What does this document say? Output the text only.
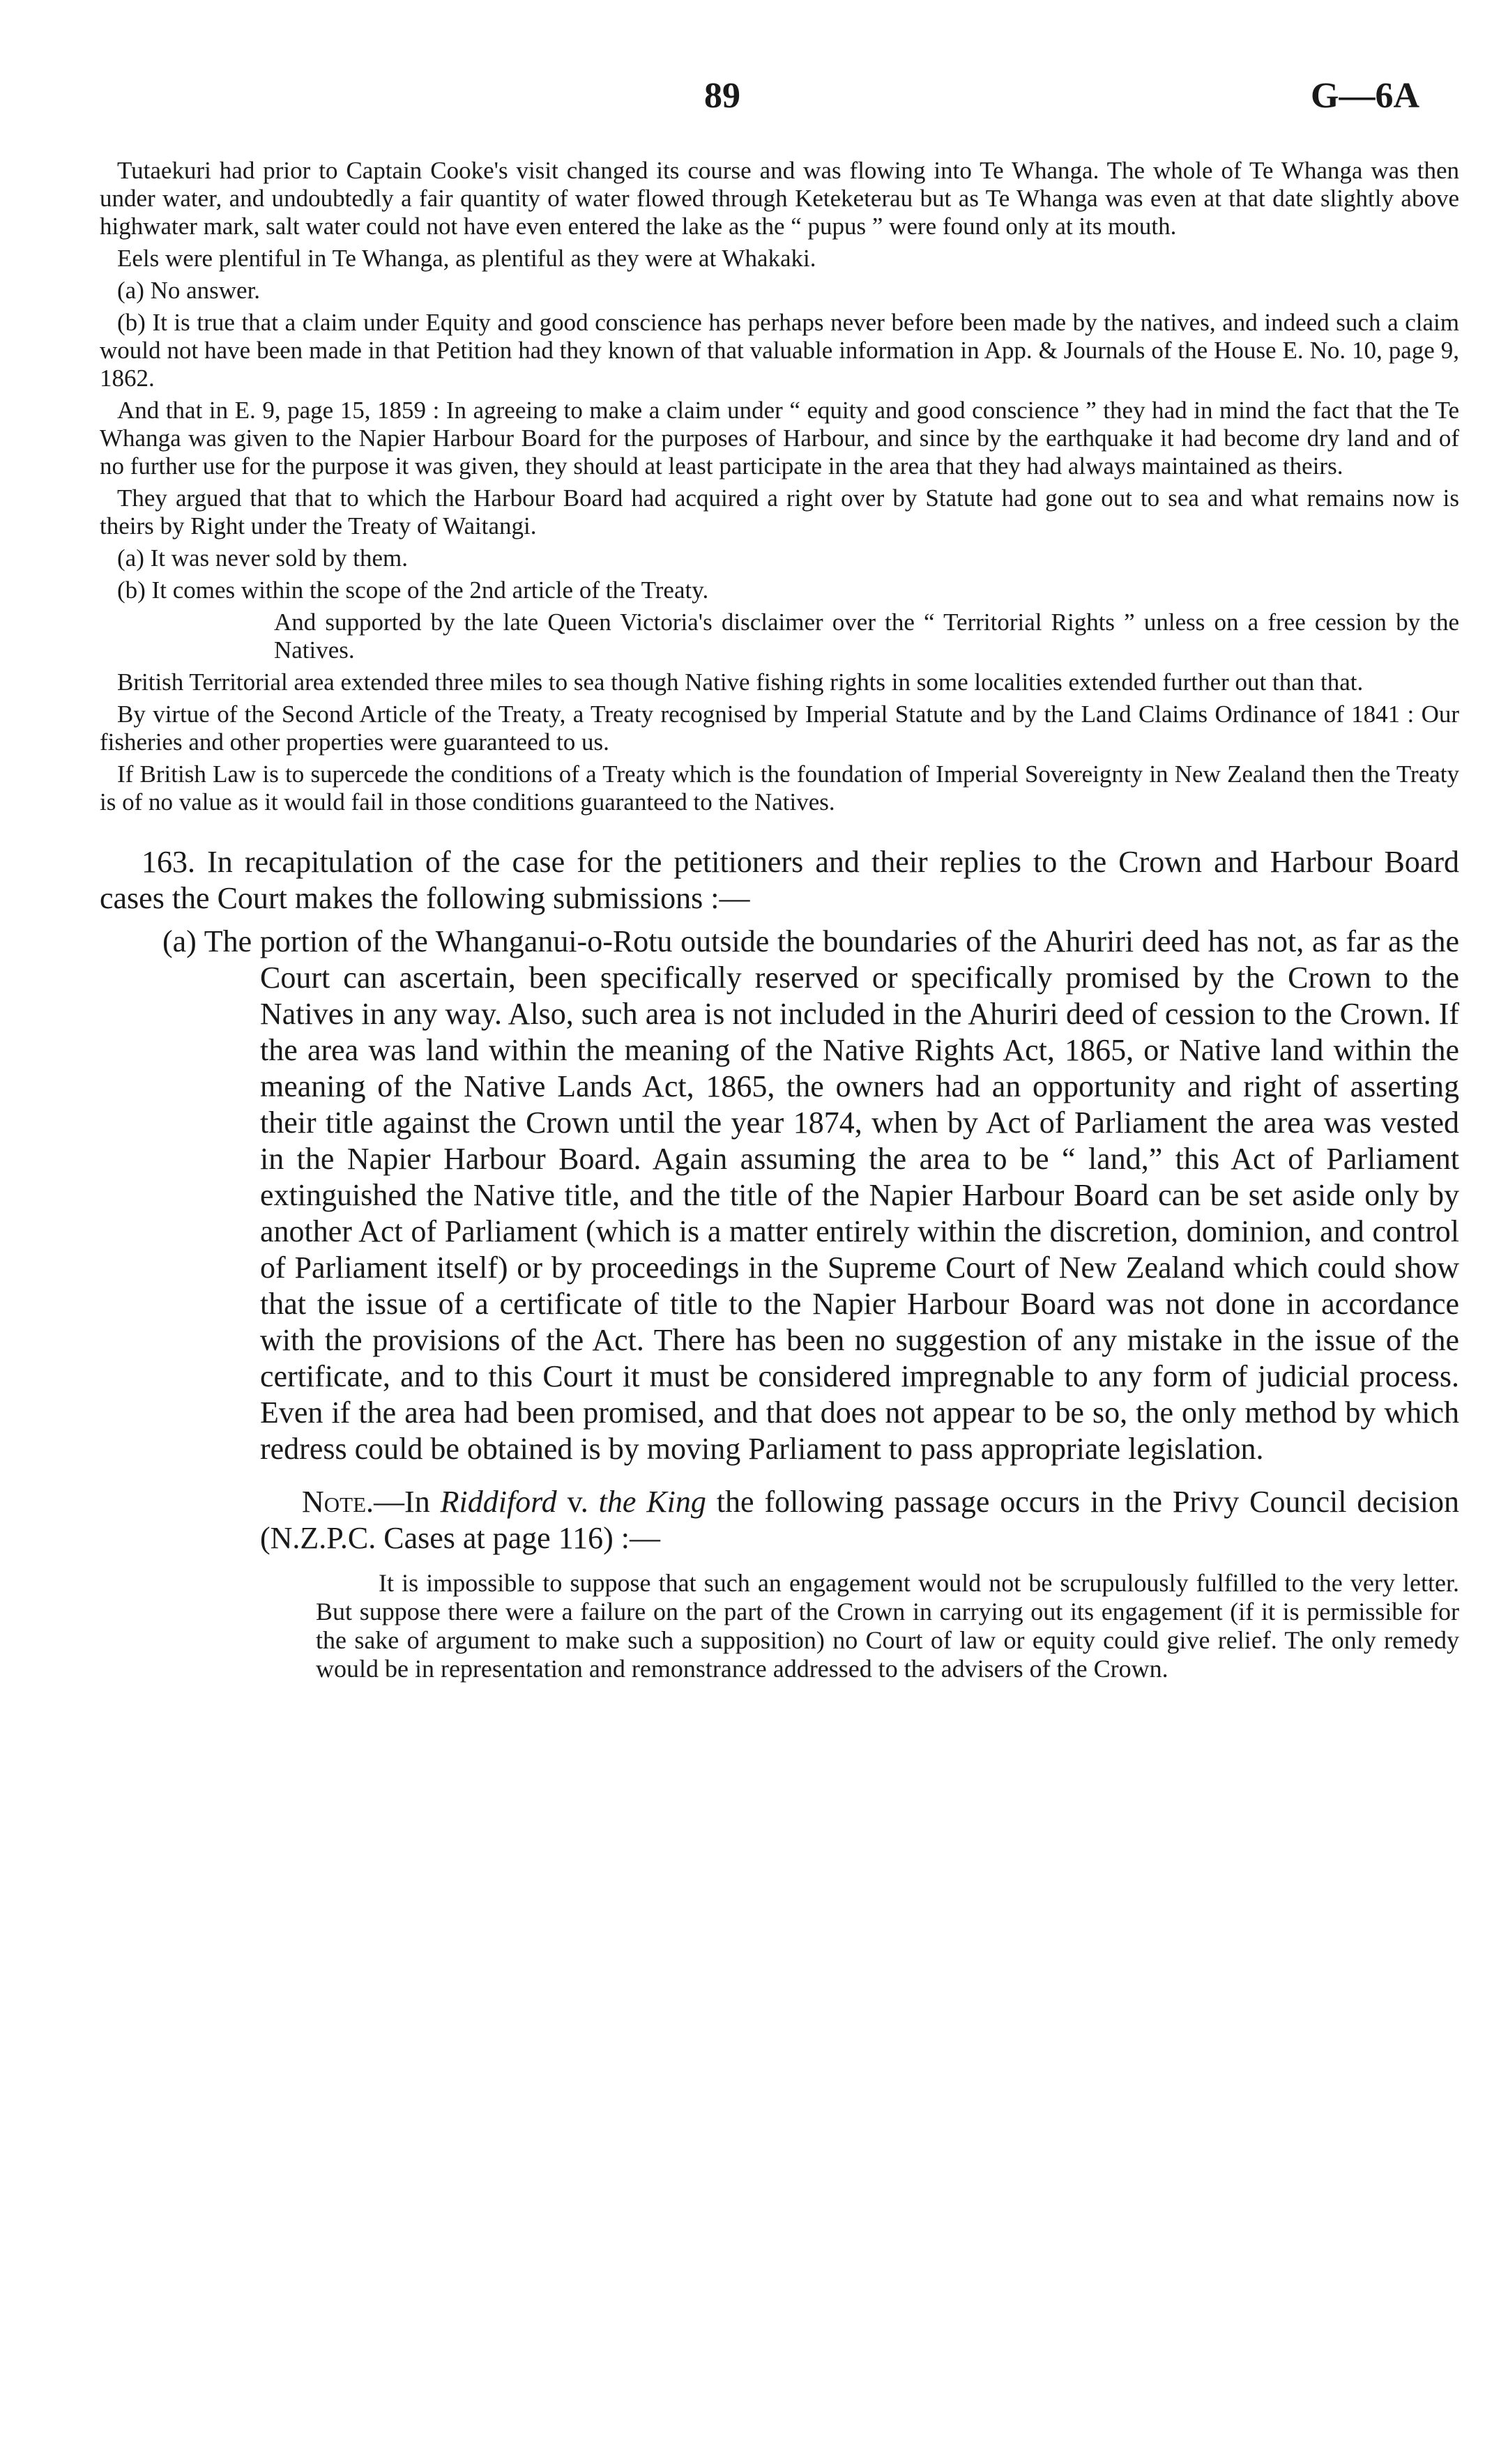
89	G—6A

Tutaekuri had prior to Captain Cooke's visit changed its course and was flowing into Te Whanga. The whole of Te Whanga was then under water, and undoubtedly a fair quantity of water flowed through Keteketerau but as Te Whanga was even at that date slightly above highwater mark, salt water could not have even entered the lake as the “ pupus ” were found only at its mouth.

Eels were plentiful in Te Whanga, as plentiful as they were at Whakaki.

(a) No answer.

(b) It is true that a claim under Equity and good conscience has perhaps never before been made by the natives, and indeed such a claim would not have been made in that Petition had they known of that valuable information in App. & Journals of the House E. No. 10, page 9, 1862.

And that in E. 9, page 15, 1859 : In agreeing to make a claim under “ equity and good conscience ” they had in mind the fact that the Te Whanga was given to the Napier Harbour Board for the purposes of Harbour, and since by the earthquake it had become dry land and of no further use for the purpose it was given, they should at least participate in the area that they had always maintained as theirs.

They argued that that to which the Harbour Board had acquired a right over by Statute had gone out to sea and what remains now is theirs by Right under the Treaty of Waitangi.

(a) It was never sold by them.

(b) It comes within the scope of the 2nd article of the Treaty.

And supported by the late Queen Victoria's disclaimer over the “ Territorial Rights ” unless on a free cession by the Natives.

British Territorial area extended three miles to sea though Native fishing rights in some localities extended further out than that.

By virtue of the Second Article of the Treaty, a Treaty recognised by Imperial Statute and by the Land Claims Ordinance of 1841 : Our fisheries and other properties were guaranteed to us.

If British Law is to supercede the conditions of a Treaty which is the foundation of Imperial Sovereignty in New Zealand then the Treaty is of no value as it would fail in those conditions guaranteed to the Natives.

163. In recapitulation of the case for the petitioners and their replies to the Crown and Harbour Board cases the Court makes the following submissions :—

(a) The portion of the Whanganui-o-Rotu outside the boundaries of the Ahuriri deed has not, as far as the Court can ascertain, been specifically reserved or specifically promised by the Crown to the Natives in any way. Also, such area is not included in the Ahuriri deed of cession to the Crown. If the area was land within the meaning of the Native Rights Act, 1865, or Native land within the meaning of the Native Lands Act, 1865, the owners had an opportunity and right of asserting their title against the Crown until the year 1874, when by Act of Parliament the area was vested in the Napier Harbour Board. Again assuming the area to be “ land,” this Act of Parliament extinguished the Native title, and the title of the Napier Harbour Board can be set aside only by another Act of Parliament (which is a matter entirely within the discretion, dominion, and control of Parliament itself) or by proceedings in the Supreme Court of New Zealand which could show that the issue of a certificate of title to the Napier Harbour Board was not done in accordance with the provisions of the Act. There has been no suggestion of any mistake in the issue of the certificate, and to this Court it must be considered impregnable to any form of judicial process. Even if the area had been promised, and that does not appear to be so, the only method by which redress could be obtained is by moving Parliament to pass appropriate legislation.

Note.—In Riddiford v. the King the following passage occurs in the Privy Council decision (N.Z.P.C. Cases at page 116) :—

It is impossible to suppose that such an engagement would not be scrupulously fulfilled to the very letter. But suppose there were a failure on the part of the Crown in carrying out its engagement (if it is permissible for the sake of argument to make such a supposition) no Court of law or equity could give relief. The only remedy would be in representation and remonstrance addressed to the advisers of the Crown.
